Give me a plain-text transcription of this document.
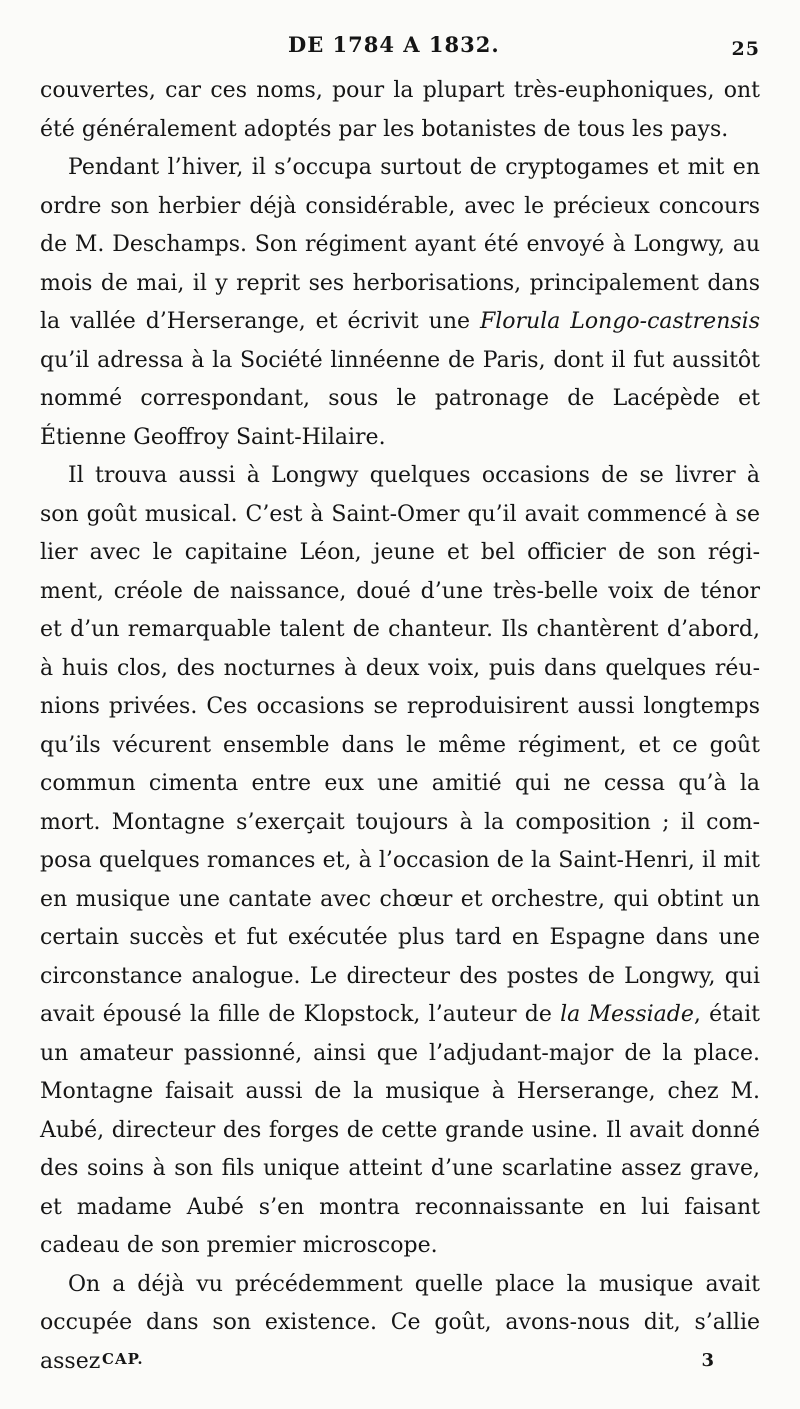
DE 1784 A 1832.	25

couvertes, car ces noms, pour la plupart très-euphoniques, ont été généralement adoptés par les botanistes de tous les pays.

Pendant l’hiver, il s’occupa surtout de cryptogames et mit en ordre son herbier déjà considérable, avec le précieux concours de M. Deschamps. Son régiment ayant été envoyé à Longwy, au mois de mai, il y reprit ses herborisations, principalement dans la vallée d’Herserange, et écrivit une Florula Longo-castrensis qu’il adressa à la Société linnéenne de Paris, dont il fut aussitôt nommé correspondant, sous le patronage de Lacépède et Étienne Geoffroy Saint-Hilaire.

Il trouva aussi à Longwy quelques occasions de se livrer à son goût musical. C’est à Saint-Omer qu’il avait commencé à se lier avec le capitaine Léon, jeune et bel officier de son régiment, créole de naissance, doué d’une très-belle voix de ténor et d’un remarquable talent de chanteur. Ils chantèrent d’abord, à huis clos, des nocturnes à deux voix, puis dans quelques réunions privées. Ces occasions se reproduisirent aussi longtemps qu’ils vécurent ensemble dans le même régiment, et ce goût commun cimenta entre eux une amitié qui ne cessa qu’à la mort. Montagne s’exerçait toujours à la composition ; il composa quelques romances et, à l’occasion de la Saint-Henri, il mit en musique une cantate avec chœur et orchestre, qui obtint un certain succès et fut exécutée plus tard en Espagne dans une circonstance analogue. Le directeur des postes de Longwy, qui avait épousé la fille de Klopstock, l’auteur de la Messiade, était un amateur passionné, ainsi que l’adjudant-major de la place. Montagne faisait aussi de la musique à Herserange, chez M. Aubé, directeur des forges de cette grande usine. Il avait donné des soins à son fils unique atteint d’une scarlatine assez grave, et madame Aubé s’en montra reconnaissante en lui faisant cadeau de son premier microscope.

On a déjà vu précédemment quelle place la musique avait occupée dans son existence. Ce goût, avons-nous dit, s’allie assez CAP.	3
